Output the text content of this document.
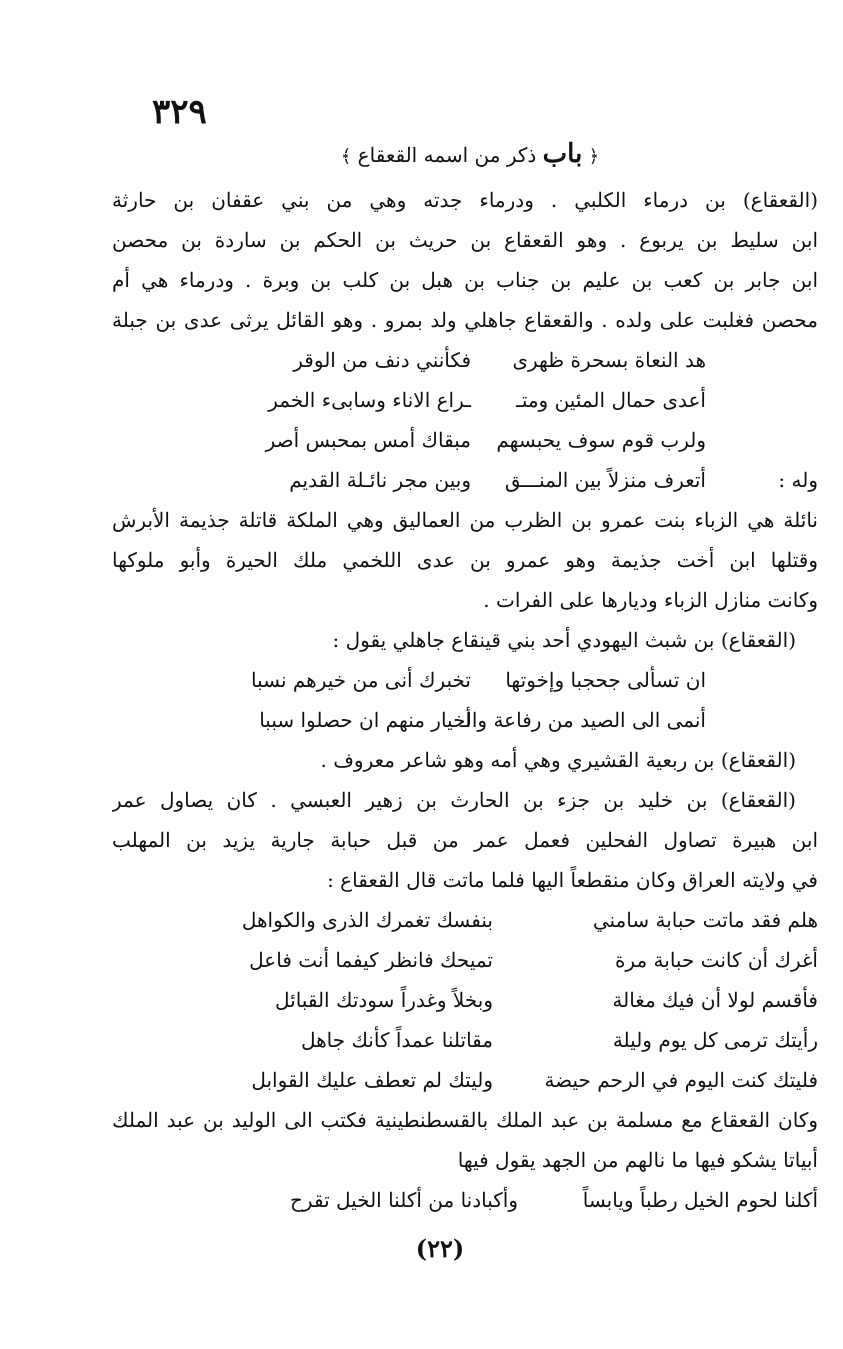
٣٢٩
﴿ باب ذكر من اسمه القعقاع ﴾
(القعقاع) بن درماء الكلبي . ودرماء جدته وهي من بني عقفان بن حارثة
ابن سليط بن يربوع . وهو القعقاع بن حريث بن الحكم بن ساردة بن محصن
ابن جابر بن كعب بن عليم بن جناب بن هبل بن كلب بن وبرة . ودرماء هي أم
محصن فغلبت على ولده . والقعقاع جاهلي ولد بمرو . وهو القائل يرثى عدى بن جبلة
هد النعاة بسحرة ظهرى
فكأنني دنف من الوقر
أعدى حمال المئين ومتـ
ـراع الاناء وسابىء الخمر
ولرب قوم سوف يحبسهم
مبقاك أمس بمحبس أصر
وله :
أتعرف منزلاً بين المنـــق
وبين مجر نائـلة القديم
نائلة هي الزباء بنت عمرو بن الظرب من العماليق وهي الملكة قاتلة جذيمة الأبرش
وقتلها ابن أخت جذيمة وهو عمرو بن عدى اللخمي ملك الحيرة وأبو ملوكها
وكانت منازل الزباء وديارها على الفرات .
(القعقاع) بن شبث اليهودي أحد بني قينقاع جاهلي يقول :
ان تسألى جحجبا وإخوتها
تخبرك أنى من خيرهم نسبا
أنمى الى الصيد من رفاعة والـ
أخيار منهم ان حصلوا سببا
(القعقاع) بن ربعية القشيري وهي أمه وهو شاعر معروف .
(القعقاع) بن خليد بن جزء بن الحارث بن زهير العبسي . كان يصاول عمر
ابن هبيرة تصاول الفحلين فعمل عمر من قبل حبابة جارية يزيد بن المهلب
في ولايته العراق وكان منقطعاً اليها فلما ماتت قال القعقاع :
هلم فقد ماتت حبابة سامني
بنفسك تغمرك الذرى والكواهل
أغرك أن كانت حبابة مرة
تميحك فانظر كيفما أنت فاعل
فأقسم لولا أن فيك مغالة
وبخلاً وغدراً سودتك القبائل
رأيتك ترمى كل يوم وليلة
مقاتلنا عمداً كأنك جاهل
فليتك كنت اليوم في الرحم حيضة
وليتك لم تعطف عليك القوابل
وكان القعقاع مع مسلمة بن عبد الملك بالقسطنطينية فكتب الى الوليد بن عبد الملك
أبياتا يشكو فيها ما نالهم من الجهد يقول فيها
أكلنا لحوم الخيل رطباً ويابساً
وأكبادنا من أكلنا الخيل تقرح
(٢٢)
